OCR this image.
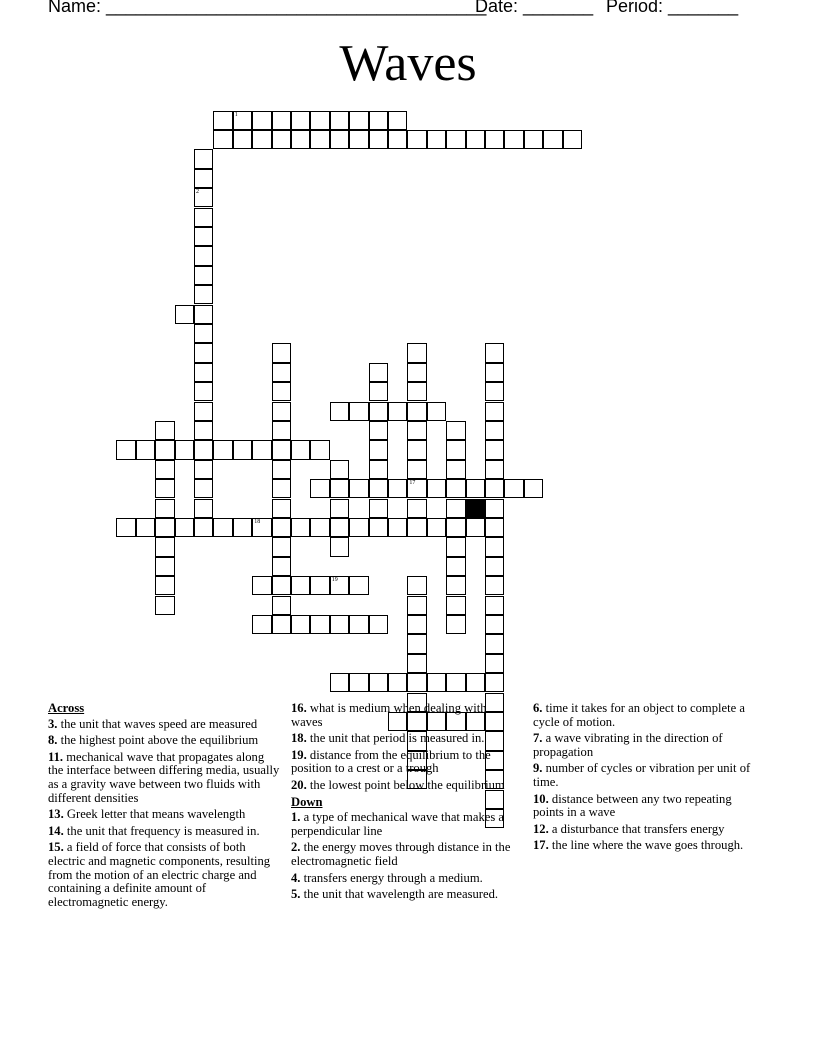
Name: ______________________________________
Date: _______ Period: _______
Waves
1
2
17
18
19
Across
3. the unit that waves speed are measured
8. the highest point above the equilibrium
11. mechanical wave that propagates along the interface between differing media, usually as a gravity wave between two fluids with different densities
13. Greek letter that means wavelength
14. the unit that frequency is measured in.
15. a field of force that consists of both electric and magnetic components, resulting from the motion of an electric charge and containing a definite amount of electromagnetic energy.
16. what is medium when dealing with waves
18. the unit that period is measured in.
19. distance from the equilibrium to the position to a crest or a trough
20. the lowest point below the equilibrium
Down
1. a type of mechanical wave that makes a perpendicular line
2. the energy moves through distance in the electromagnetic field
4. transfers energy through a medium.
5. the unit that wavelength are measured.
6. time it takes for an object to complete a cycle of motion.
7. a wave vibrating in the direction of propagation
9. number of cycles or vibration per unit of time.
10. distance between any two repeating points in a wave
12. a disturbance that transfers energy
17. the line where the wave goes through.
